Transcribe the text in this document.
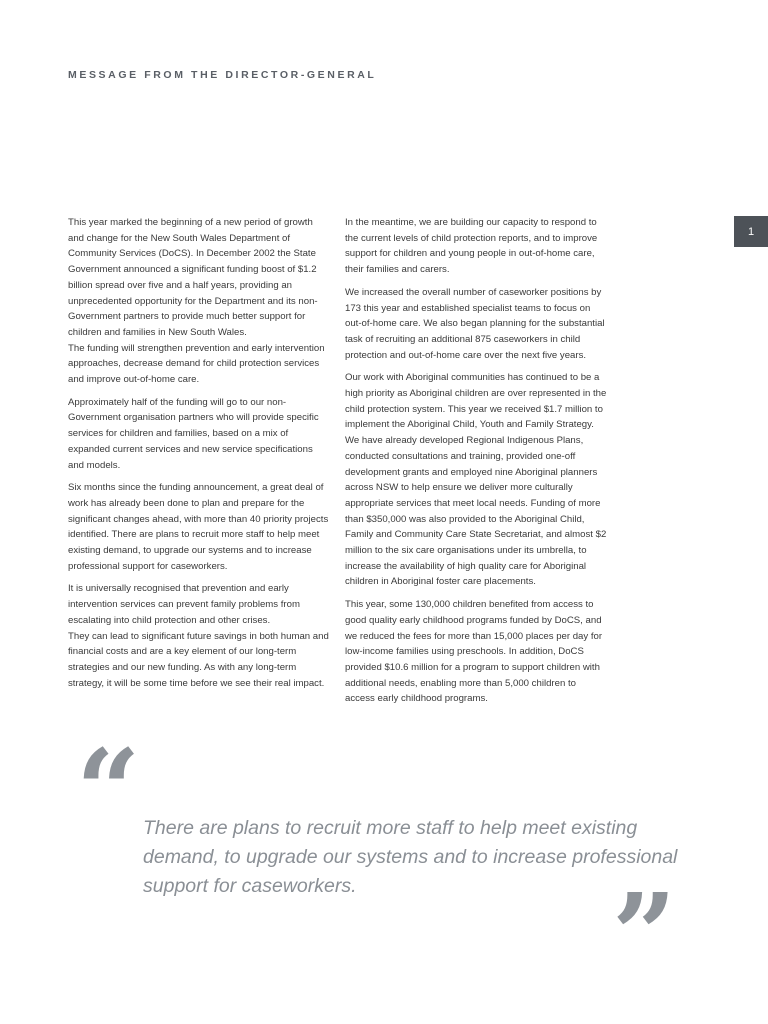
MESSAGE FROM THE DIRECTOR-GENERAL
1

This year marked the beginning of a new period of growth and change for the New South Wales Department of Community Services (DoCS). In December 2002 the State Government announced a significant funding boost of $1.2 billion spread over five and a half years, providing an unprecedented opportunity for the Department and its non-Government partners to provide much better support for children and families in New South Wales.

The funding will strengthen prevention and early intervention approaches, decrease demand for child protection services and improve out-of-home care.

Approximately half of the funding will go to our non-Government organisation partners who will provide specific services for children and families, based on a mix of expanded current services and new service specifications and models.

Six months since the funding announcement, a great deal of work has already been done to plan and prepare for the significant changes ahead, with more than 40 priority projects identified. There are plans to recruit more staff to help meet existing demand, to upgrade our systems and to increase professional support for caseworkers.

It is universally recognised that prevention and early intervention services can prevent family problems from escalating into child protection and other crises.

They can lead to significant future savings in both human and financial costs and are a key element of our long-term strategies and our new funding. As with any long-term strategy, it will be some time before we see their real impact.

In the meantime, we are building our capacity to respond to the current levels of child protection reports, and to improve support for children and young people in out-of-home care, their families and carers.

We increased the overall number of caseworker positions by 173 this year and established specialist teams to focus on out-of-home care. We also began planning for the substantial task of recruiting an additional 875 caseworkers in child protection and out-of-home care over the next five years.

Our work with Aboriginal communities has continued to be a high priority as Aboriginal children are over represented in the child protection system. This year we received $1.7 million to implement the Aboriginal Child, Youth and Family Strategy. We have already developed Regional Indigenous Plans, conducted consultations and training, provided one-off development grants and employed nine Aboriginal planners across NSW to help ensure we deliver more culturally appropriate services that meet local needs. Funding of more than $350,000 was also provided to the Aboriginal Child, Family and Community Care State Secretariat, and almost $2 million to the six care organisations under its umbrella, to increase the availability of high quality care for Aboriginal children in Aboriginal foster care placements.

This year, some 130,000 children benefited from access to good quality early childhood programs funded by DoCS, and we reduced the fees for more than 15,000 places per day for low-income families using preschools. In addition, DoCS provided $10.6 million for a program to support children with additional needs, enabling more than 5,000 children to access early childhood programs.

“ There are plans to recruit more staff to help meet existing demand, to upgrade our systems and to increase professional support for caseworkers.	”
